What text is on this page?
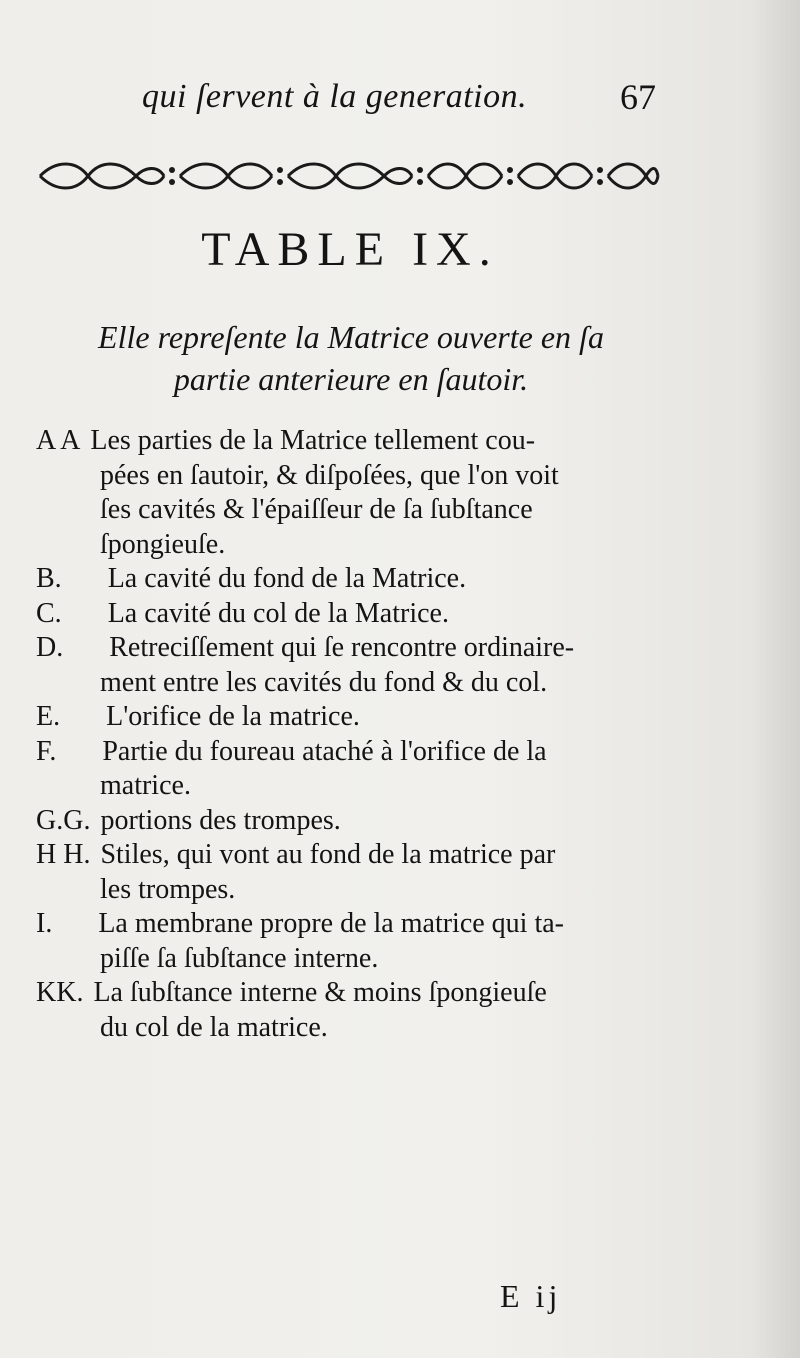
qui ſervent à la generation.	67
TABLE IX.
Elle repreſente la Matrice ouverte en ſa
partie anterieure en ſautoir.
A A Les parties de la Matrice tellement cou-
pées en ſautoir, & diſpoſées, que l'on voit
ſes cavités & l'épaiſſeur de ſa ſubſtance
ſpongieuſe.
B. La cavité du fond de la Matrice.
C. La cavité du col de la Matrice.
D. Retreciſſement qui ſe rencontre ordinaire-
ment entre les cavités du fond & du col.
E. L'orifice de la matrice.
F. Partie du foureau ataché à l'orifice de la
matrice.
G.G. portions des trompes.
H H. Stiles, qui vont au fond de la matrice par
les trompes.
I. La membrane propre de la matrice qui ta-
piſſe ſa ſubſtance interne.
KK. La ſubſtance interne & moins ſpongieuſe
du col de la matrice.
E ij
